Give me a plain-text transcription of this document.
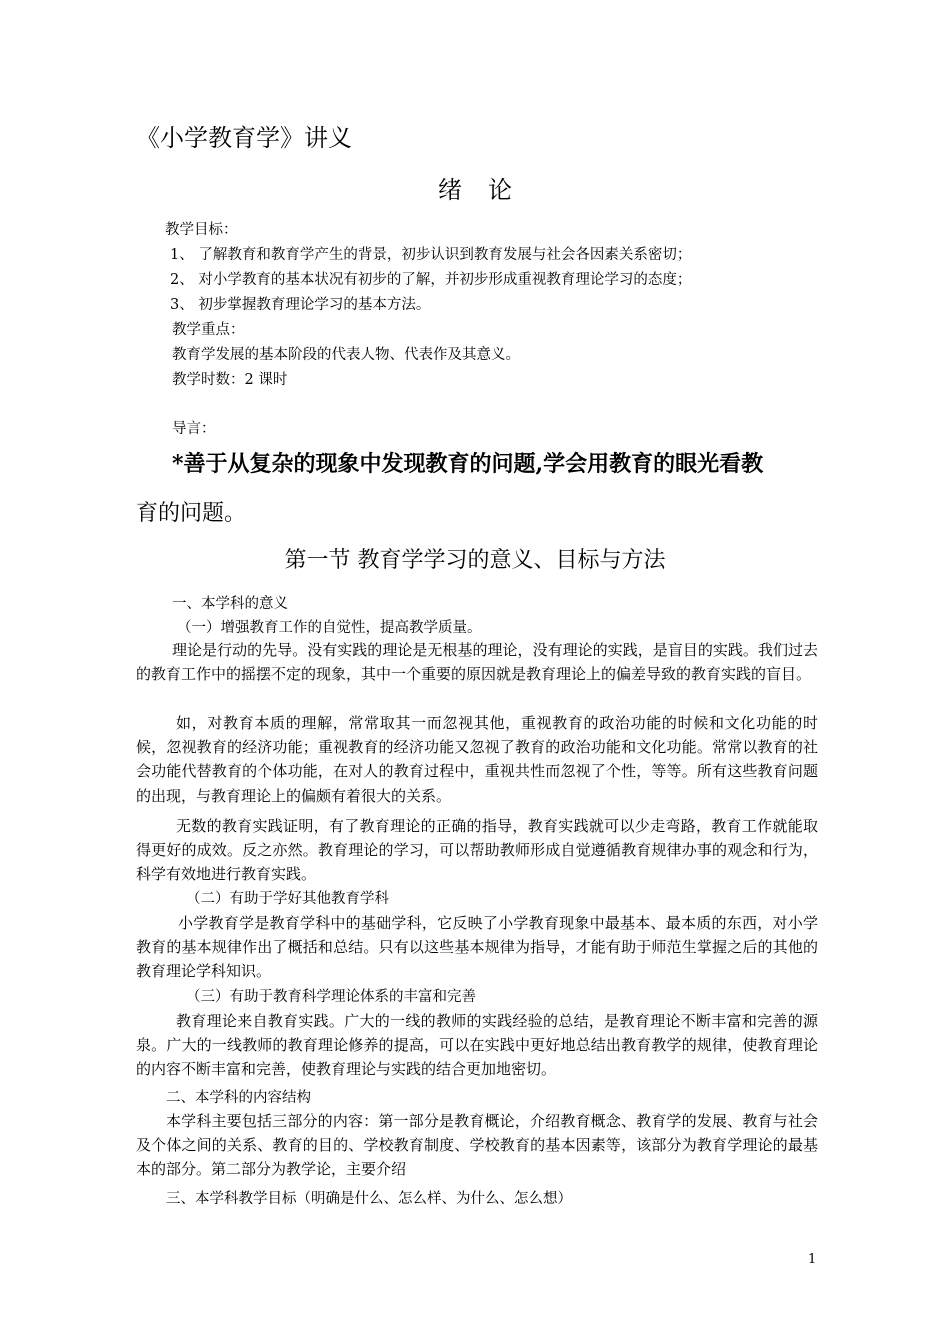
《小学教育学》讲义
绪论
教学目标：
1、 了解教育和教育学产生的背景，初步认识到教育发展与社会各因素关系密切；
2、 对小学教育的基本状况有初步的了解，并初步形成重视教育理论学习的态度；
3、 初步掌握教育理论学习的基本方法。
教学重点：
教育学发展的基本阶段的代表人物、代表作及其意义。
教学时数：2 课时
导言：
*善于从复杂的现象中发现教育的问题,学会用教育的眼光看教
育的问题。
第一节 教育学学习的意义、目标与方法
一、本学科的意义
（一）增强教育工作的自觉性，提高教学质量。
理论是行动的先导。没有实践的理论是无根基的理论，没有理论的实践，是盲目的实践。我们过去的教育工作中的摇摆不定的现象，其中一个重要的原因就是教育理论上的偏差导致的教育实践的盲目。
如，对教育本质的理解，常常取其一而忽视其他，重视教育的政治功能的时候和文化功能的时候，忽视教育的经济功能；重视教育的经济功能又忽视了教育的政治功能和文化功能。常常以教育的社会功能代替教育的个体功能，在对人的教育过程中，重视共性而忽视了个性，等等。所有这些教育问题的出现，与教育理论上的偏颇有着很大的关系。
无数的教育实践证明，有了教育理论的正确的指导，教育实践就可以少走弯路，教育工作就能取得更好的成效。反之亦然。教育理论的学习，可以帮助教师形成自觉遵循教育规律办事的观念和行为，科学有效地进行教育实践。
（二）有助于学好其他教育学科
小学教育学是教育学科中的基础学科，它反映了小学教育现象中最基本、最本质的东西，对小学教育的基本规律作出了概括和总结。只有以这些基本规律为指导，才能有助于师范生掌握之后的其他的教育理论学科知识。
（三）有助于教育科学理论体系的丰富和完善
教育理论来自教育实践。广大的一线的教师的实践经验的总结，是教育理论不断丰富和完善的源泉。广大的一线教师的教育理论修养的提高，可以在实践中更好地总结出教育教学的规律，使教育理论的内容不断丰富和完善，使教育理论与实践的结合更加地密切。
二、本学科的内容结构
本学科主要包括三部分的内容：第一部分是教育概论，介绍教育概念、教育学的发展、教育与社会及个体之间的关系、教育的目的、学校教育制度、学校教育的基本因素等，该部分为教育学理论的最基本的部分。第二部分为教学论，主要介绍
三、本学科教学目标（明确是什么、怎么样、为什么、怎么想）
1
